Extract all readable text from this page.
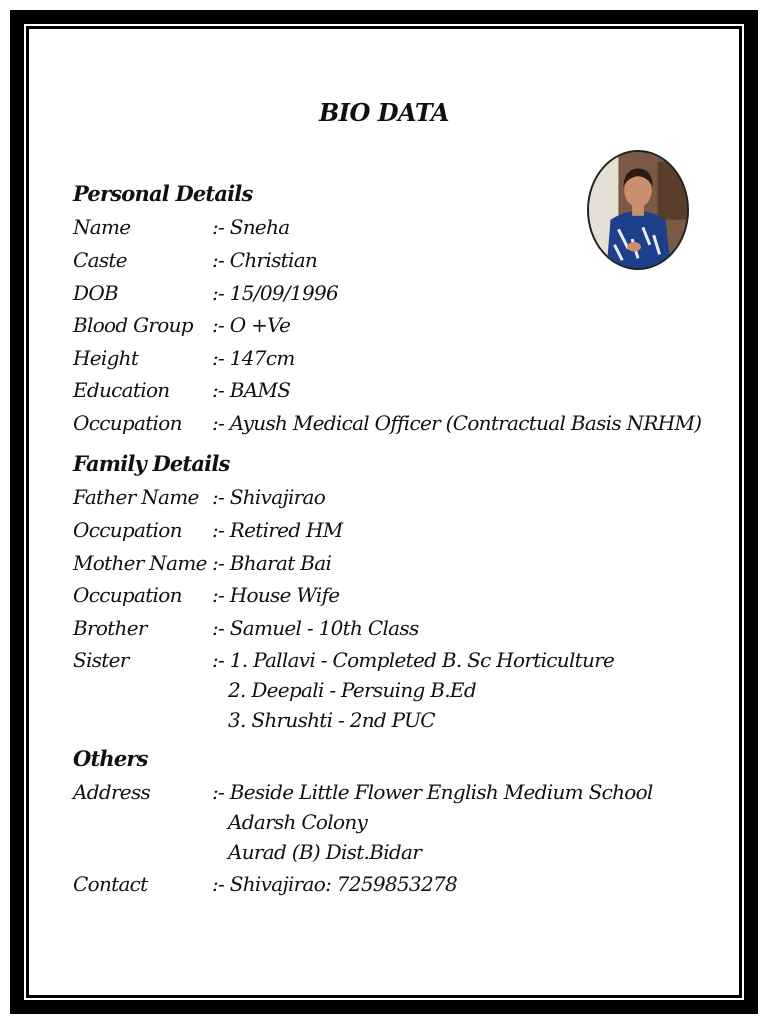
BIO DATA
Personal Details
Name	:- Sneha
Caste	:- Christian
DOB	:- 15/09/1996
Blood Group :- O +Ve
Height	:- 147cm
Education :- BAMS
Occupation :- Ayush Medical Officer (Contractual Basis NRHM)
Family Details
Father Name :- Shivajirao
Occupation :- Retired HM
Mother Name :- Bharat Bai
Occupation :- House Wife
Brother	:- Samuel - 10th Class
Sister	:- 1. Pallavi - Completed B. Sc Horticulture
2. Deepali - Persuing B.Ed
3. Shrushti - 2nd PUC
Others
Address	:- Beside Little Flower English Medium School
Adarsh Colony
Aurad (B) Dist.Bidar
Contact	:- Shivajirao: 7259853278
